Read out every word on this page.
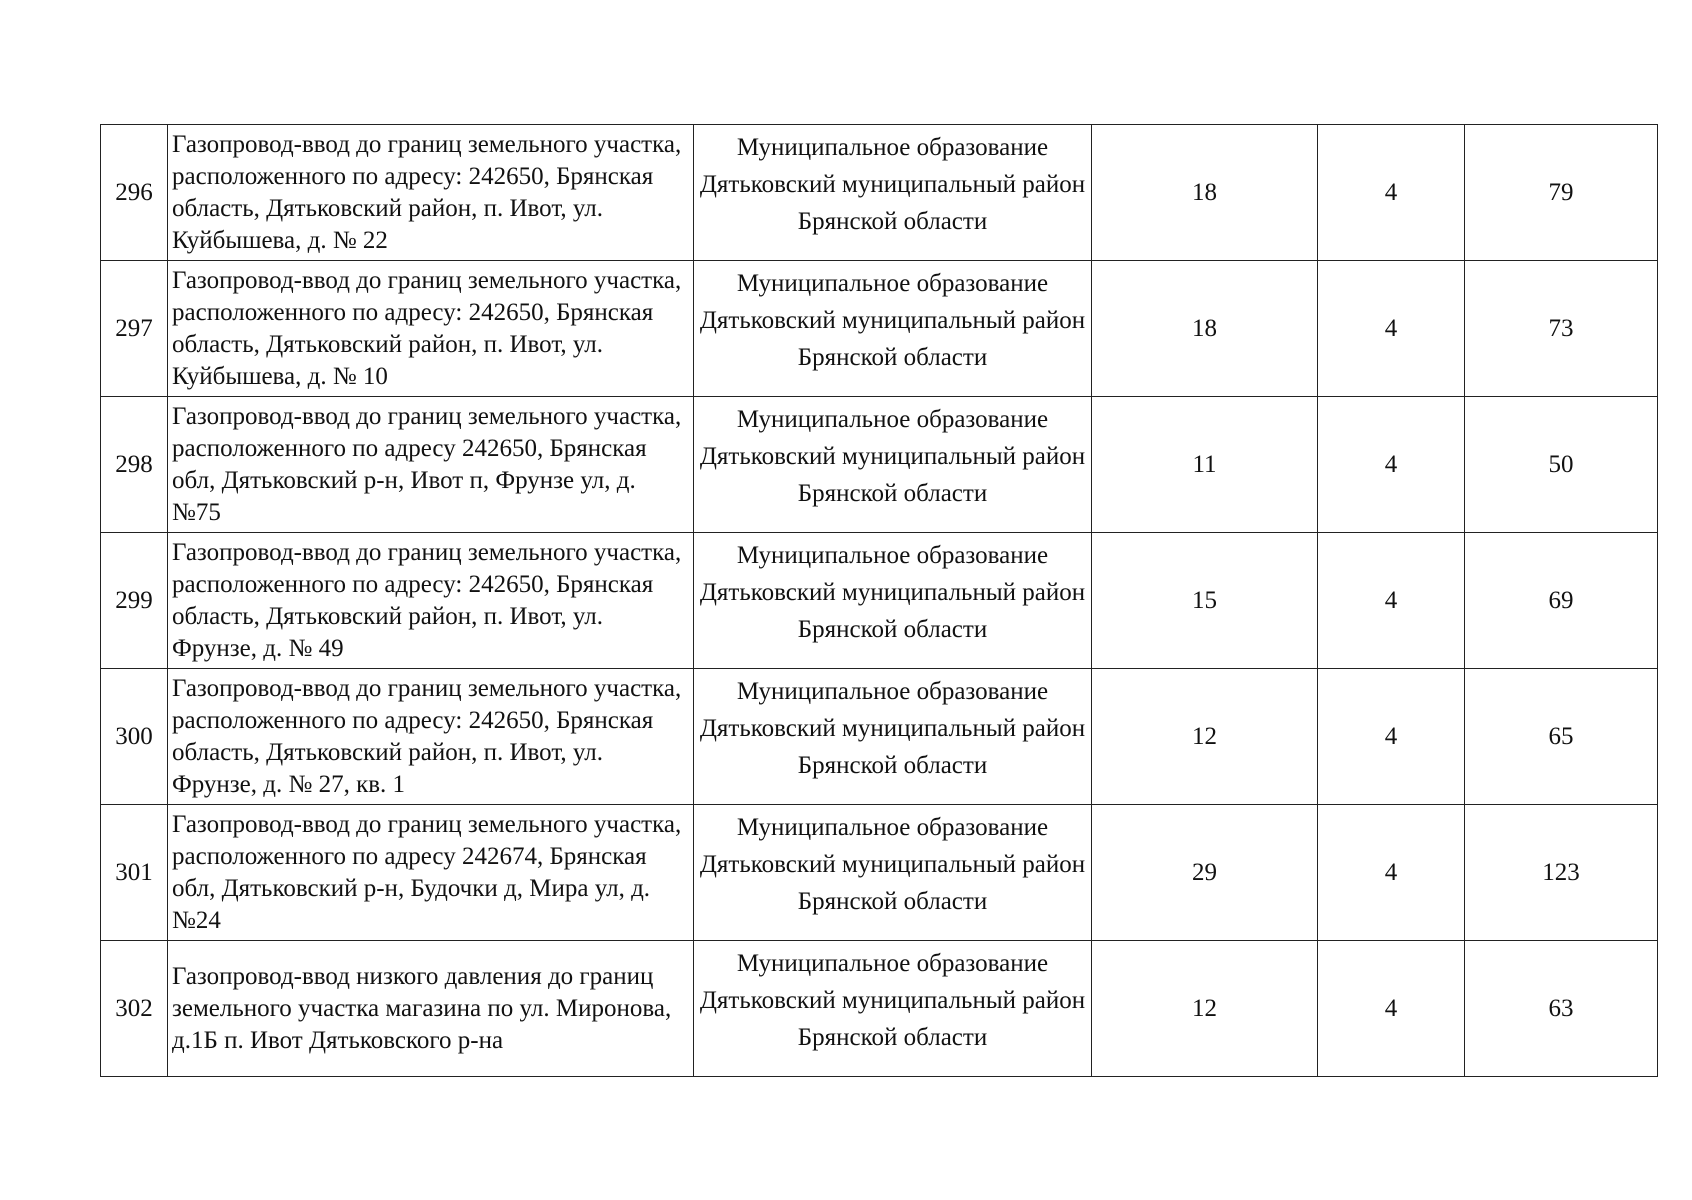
296	Газопровод-ввод до границ земельного участка, расположенного по адресу: 242650, Брянская область, Дятьковский район, п. Ивот, ул. Куйбышева, д. № 22	Муниципальное образование Дятьковский муниципальный район Брянской области	18	4	79
297	Газопровод-ввод до границ земельного участка, расположенного по адресу: 242650, Брянская область, Дятьковский район, п. Ивот, ул. Куйбышева, д. № 10	Муниципальное образование Дятьковский муниципальный район Брянской области	18	4	73
298	Газопровод-ввод до границ земельного участка, расположенного по адресу 242650, Брянская обл, Дятьковский р-н, Ивот п, Фрунзе ул, д. №75	Муниципальное образование Дятьковский муниципальный район Брянской области	11	4	50
299	Газопровод-ввод до границ земельного участка, расположенного по адресу: 242650, Брянская область, Дятьковский район, п. Ивот, ул. Фрунзе, д. № 49	Муниципальное образование Дятьковский муниципальный район Брянской области	15	4	69
300	Газопровод-ввод до границ земельного участка, расположенного по адресу: 242650, Брянская область, Дятьковский район, п. Ивот, ул. Фрунзе, д. № 27, кв. 1	Муниципальное образование Дятьковский муниципальный район Брянской области	12	4	65
301	Газопровод-ввод до границ земельного участка, расположенного по адресу 242674, Брянская обл, Дятьковский р-н, Будочки д, Мира ул, д. №24	Муниципальное образование Дятьковский муниципальный район Брянской области	29	4	123
302	Газопровод-ввод низкого давления до границ земельного участка магазина по ул. Миронова, д.1Б п. Ивот Дятьковского р-на	Муниципальное образование Дятьковский муниципальный район Брянской области	12	4	63
